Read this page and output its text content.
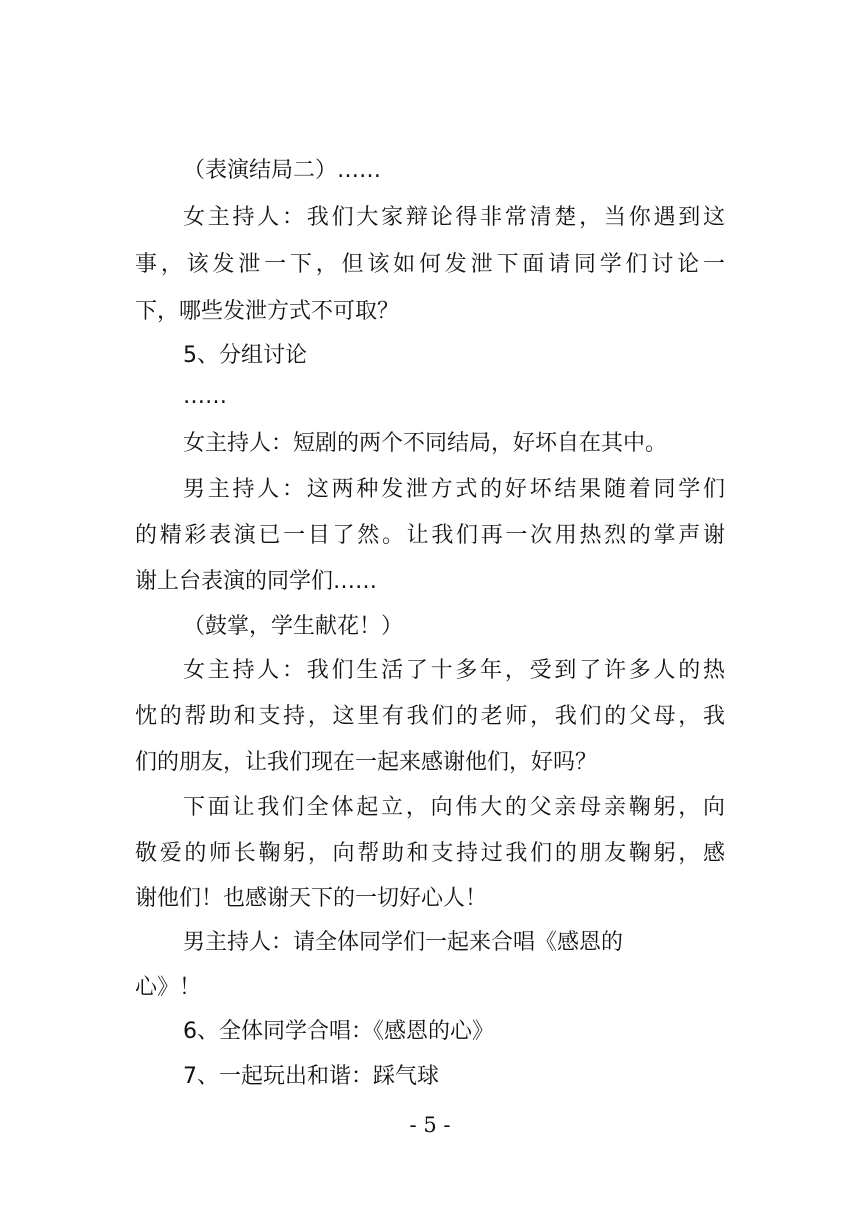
（表演结局二）……
女主持人：我们大家辩论得非常清楚，当你遇到这
事，该发泄一下，但该如何发泄下面请同学们讨论一
下，哪些发泄方式不可取？
5、分组讨论
……
女主持人：短剧的两个不同结局，好坏自在其中。
男主持人：这两种发泄方式的好坏结果随着同学们
的精彩表演已一目了然。让我们再一次用热烈的掌声谢
谢上台表演的同学们……
（鼓掌，学生献花！）
女主持人：我们生活了十多年，受到了许多人的热
忱的帮助和支持，这里有我们的老师，我们的父母，我
们的朋友，让我们现在一起来感谢他们，好吗？
下面让我们全体起立，向伟大的父亲母亲鞠躬，向
敬爱的师长鞠躬，向帮助和支持过我们的朋友鞠躬，感
谢他们！也感谢天下的一切好心人！
男主持人：请全体同学们一起来合唱《感恩的
心》！
6、全体同学合唱：《感恩的心》
7、一起玩出和谐：踩气球
- 5 -
